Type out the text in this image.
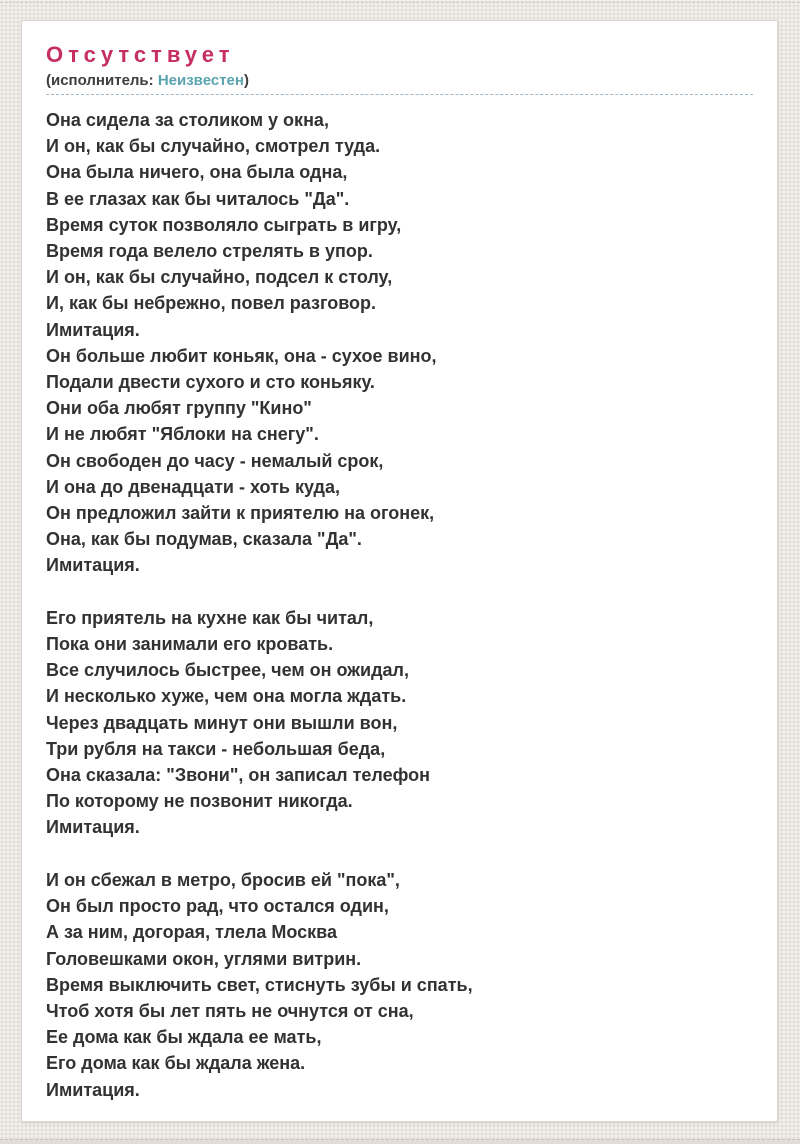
Отсутствует
(исполнитель: Неизвестен)
Она сидела за столиком у окна,
И он, как бы случайно, смотрел туда.
Она была ничего, она была одна,
В ее глазах как бы читалось "Да".
Время суток позволяло сыграть в игру,
Время года велело стрелять в упор.
И он, как бы случайно, подсел к столу,
И, как бы небрежно, повел разговор.
Имитация.
Он больше любит коньяк, она - сухое вино,
Подали двести сухого и сто коньяку.
Они оба любят группу "Кино"
И не любят "Яблоки на снегу".
Он свободен до часу - немалый срок,
И она до двенадцати - хоть куда,
Он предложил зайти к приятелю на огонек,
Она, как бы подумав, сказала "Да".
Имитация.

Его приятель на кухне как бы читал,
Пока они занимали его кровать.
Все случилось быстрее, чем он ожидал,
И несколько хуже, чем она могла ждать.
Через двадцать минут они вышли вон,
Три рубля на такси - небольшая беда,
Она сказала: "Звони", он записал телефон
По которому не позвонит никогда.
Имитация.

И он сбежал в метро, бросив ей "пока",
Он был просто рад, что остался один,
А за ним, догорая, тлела Москва
Головешками окон, углями витрин.
Время выключить свет, стиснуть зубы и спать,
Чтоб хотя бы лет пять не очнутся от сна,
Ее дома как бы ждала ее мать,
Его дома как бы ждала жена.
Имитация.
